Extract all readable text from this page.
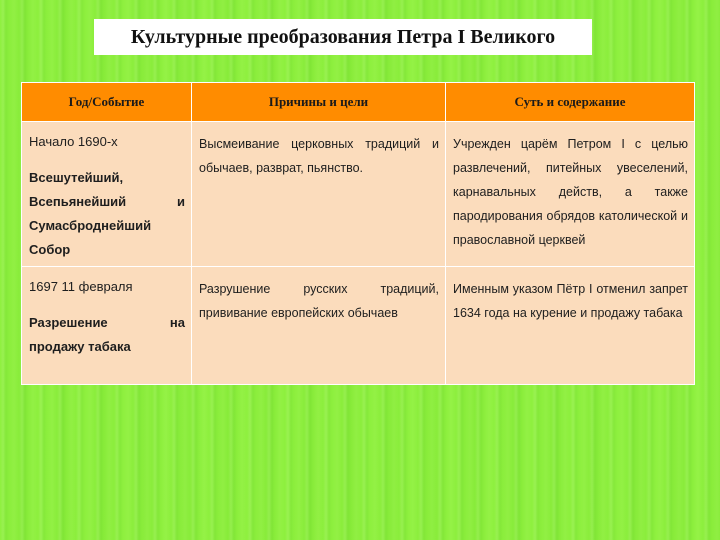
Культурные преобразования Петра I Великого
Год/Событие	Причины и цели	Суть и содержание

Начало 1690-х
Всешутейший, Всепьянейший и Сумасброднейший Собор	Высмеивание церковных традиций и обычаев, разврат, пьянство.	Учрежден царём Петром I с целью развлечений, питейных увеселений, карнавальных действ, а также пародирования обрядов католической и православной церквей

1697 11 февраля
Разрешение на продажу табака	Разрушение русских традиций, прививание европейских обычаев	Именным указом Пётр I отменил запрет 1634 года на курение и продажу табака
